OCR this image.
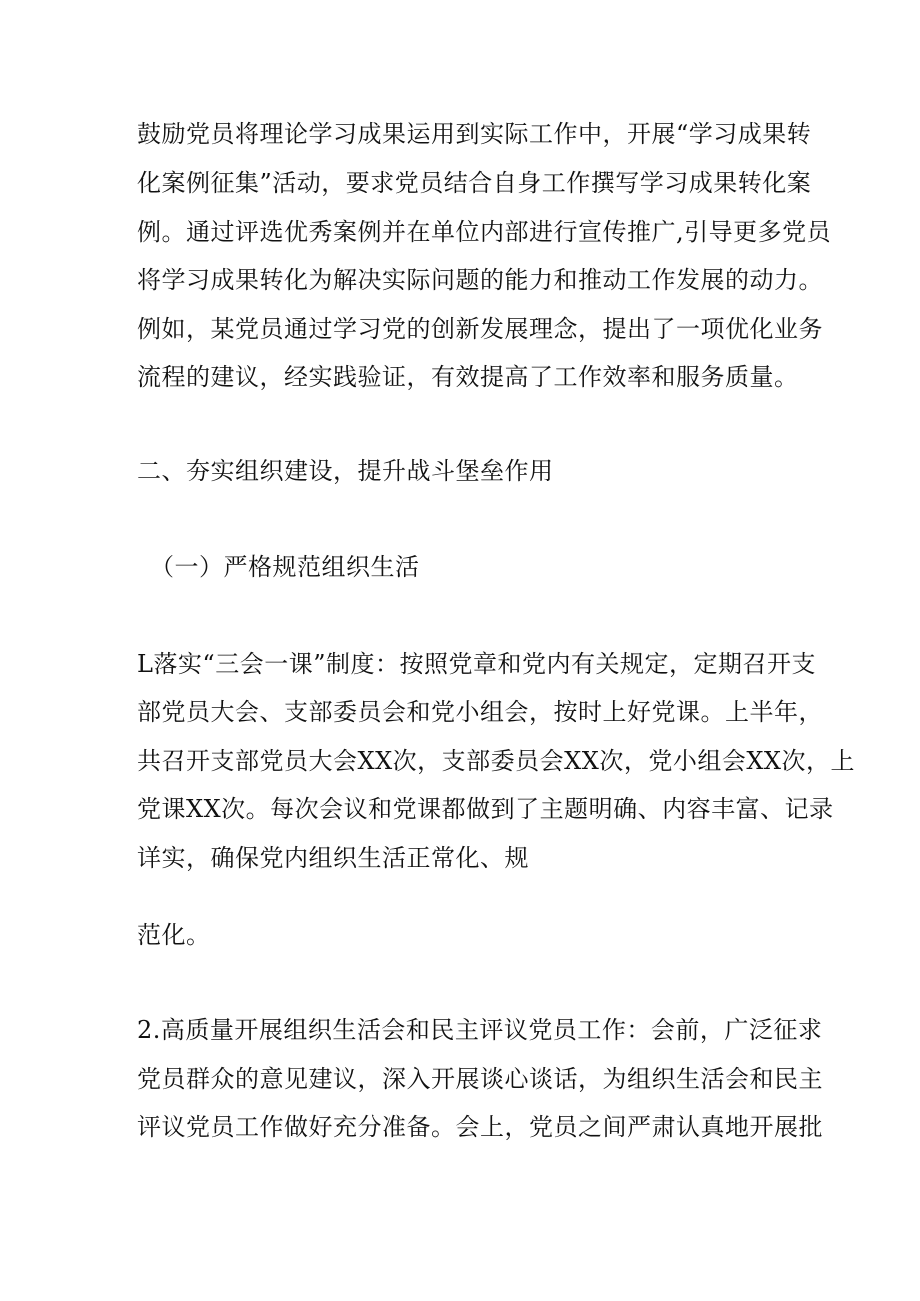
鼓励党员将理论学习成果运用到实际工作中，开展“学习成果转

化案例征集”活动，要求党员结合自身工作撰写学习成果转化案

例。通过评选优秀案例并在单位内部进行宣传推广,引导更多党员

将学习成果转化为解决实际问题的能力和推动工作发展的动力。

例如，某党员通过学习党的创新发展理念，提出了一项优化业务

流程的建议，经实践验证，有效提高了工作效率和服务质量。

二、夯实组织建设，提升战斗堡垒作用

（一）严格规范组织生活

L落实“三会一课”制度：按照党章和党内有关规定，定期召开支

部党员大会、支部委员会和党小组会，按时上好党课。上半年，

共召开支部党员大会XX次，支部委员会XX次，党小组会XX次，上

党课XX次。每次会议和党课都做到了主题明确、内容丰富、记录

详实，确保党内组织生活正常化、规

范化。

2.高质量开展组织生活会和民主评议党员工作：会前，广泛征求

党员群众的意见建议，深入开展谈心谈话，为组织生活会和民主

评议党员工作做好充分准备。会上，党员之间严肃认真地开展批
